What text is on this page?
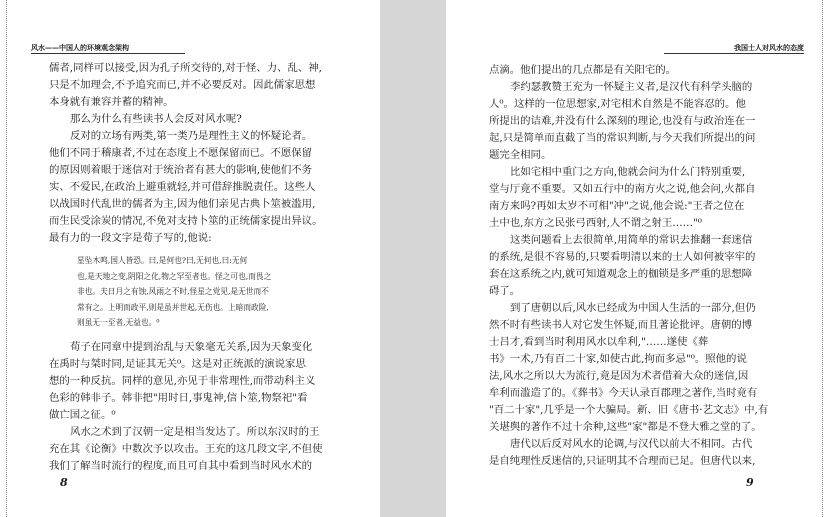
风水——中国人的环境观念架构
儒者,同样可以接受,因为孔子所交待的,对于怪、力、乱、神,
只是不加理会,不予追究而已,并不必要反对。因此儒家思想
本身就有兼容并蓄的精神。
那么为什么有些读书人会反对风水呢?
反对的立场有两类,第一类乃是理性主义的怀疑论者。
他们不同于稽康者,不过在态度上不愿保留而已。不愿保留
的原因则着眼于迷信对于统治者有甚大的影响,使他们不务
实、不爱民,在政治上避重就轻,并可借辞推脱责任。这些人
以战国时代乱世的儒者为主,因为他们亲见古典卜筮被滥用,
而生民受涂炭的情况,不免对支持卜筮的正统儒家提出异议。
最有力的一段文字是荀子写的,他说:
星坠木鸣,国人皆恐。曰,是何也?曰,无何也,曰:无何
也,是天地之变,阴阳之化,物之罕至者也。怪之可也,而畏之
非也。夫日月之有蚀,风雨之不时,怪星之党见,是无世而不
常有之。上明而政平,则是虽并世起,无伤也。上暗而政险,
则虽无一至者,无益也。⁰
荀子在同章中提到治乱与天象毫无关系,因为天象变化
在禹时与桀时同,足证其无关⁰。这是对正统派的演说家思
想的一种反抗。同样的意见,亦见于非常理性,而带动科主义
色彩的韩非子。韩非把"用时日,事鬼神,信卜筮,物祭祀"看
做亡国之征。⁰
风水之术到了汉朝一定是相当发达了。所以东汉时的王
充在其《论衡》中数次予以攻击。王充的这几段文字,不但使
我们了解当时流行的程度,而且可自其中看到当时风水术的
8
我国士人对风水的态度
点滴。他们提出的几点都是有关阳宅的。
李约瑟教赞王充为一怀疑主义者,是汉代有科学头脑的
人⁰。这样的一位思想家,对宅相术自然是不能容忍的。他
所提出的诘难,并没有什么深刻的理论,也没有与政治连在一
起,只是简单而直截了当的常识判断,与今天我们所提出的问
题完全相同。
比如宅相中重门之方向,他就会问为什么门特别重要,
堂与厅竟不重要。又如五行中的南方火之说,他会问,火都自
南方来吗?再如太岁不可相"冲"之说,他会说:"王者之位在
土中也,东方之民张弓西射,人不谓之射王……"⁰
这类问题看上去很简单,用简单的常识去推翻一套迷信
的系统,是很不容易的,只要看明清以来的士人如何被宰牢的
套在这系统之内,就可知道观念上的枷锁是多严重的思想障
碍了。
到了唐朝以后,风水已经成为中国人生活的一部分,但仍
然不时有些读书人对它发生怀疑,而且著论批评。唐朝的博
士吕才,看到当时利用风水以牟利,"……遂使《葬
书》一术,乃有百二十家,如使古此,拘而多忌"⁰。照他的说
法,风水之所以大为流行,竟是因为术者借着大众的迷信,因
牟利而滥造了的。《葬书》今天认录百郡理之著作,当时竟有
"百二十家",几乎是一个大骗局。新、旧《唐书·艺文志》中,有
关堪舆的著作不过十余种,这些"家"都是不登大雅之堂的了。
唐代以后反对风水的论调,与汉代以前大不相同。古代
是自纯理性反迷信的,只证明其不合理而已足。但唐代以来,
9
